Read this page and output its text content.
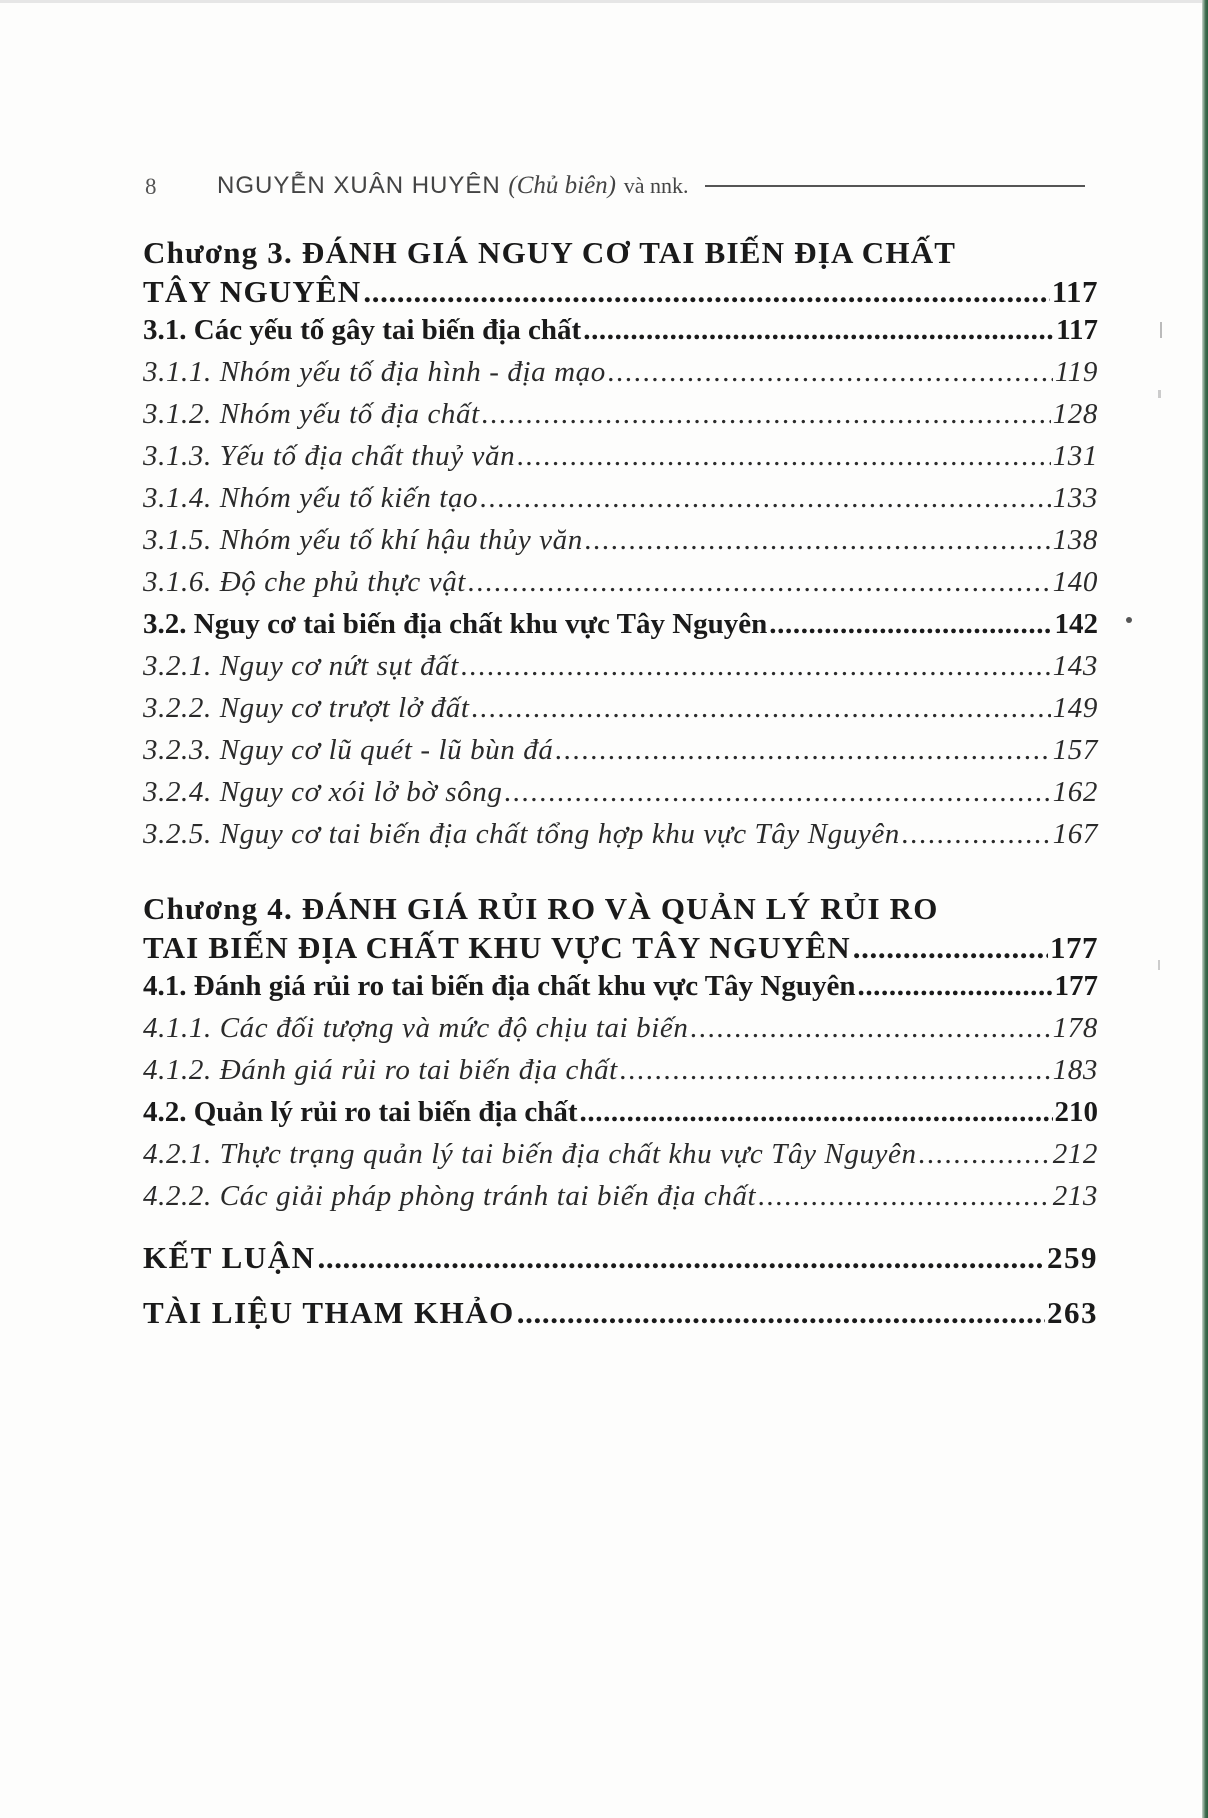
8	NGUYỄN XUÂN HUYÊN (Chủ biên) và nnk.
Chương 3. ĐÁNH GIÁ NGUY CƠ TAI BIẾN ĐỊA CHẤT
TÂY NGUYÊN .....	117
3.1. Các yếu tố gây tai biến địa chất .....	117
3.1.1. Nhóm yếu tố địa hình - địa mạo .....	119
3.1.2. Nhóm yếu tố địa chất .....	128
3.1.3. Yếu tố địa chất thuỷ văn .....	131
3.1.4. Nhóm yếu tố kiến tạo .....	133
3.1.5. Nhóm yếu tố khí hậu thủy văn .....	138
3.1.6. Độ che phủ thực vật .....	140
3.2. Nguy cơ tai biến địa chất khu vực Tây Nguyên .....	142
3.2.1. Nguy cơ nứt sụt đất .....	143
3.2.2. Nguy cơ trượt lở đất .....	149
3.2.3. Nguy cơ lũ quét - lũ bùn đá .....	157
3.2.4. Nguy cơ xói lở bờ sông .....	162
3.2.5. Nguy cơ tai biến địa chất tổng hợp khu vực Tây Nguyên .....	167
Chương 4. ĐÁNH GIÁ RỦI RO VÀ QUẢN LÝ RỦI RO
TAI BIẾN ĐỊA CHẤT KHU VỰC TÂY NGUYÊN .....	177
4.1. Đánh giá rủi ro tai biến địa chất khu vực Tây Nguyên .....	177
4.1.1. Các đối tượng và mức độ chịu tai biến .....	178
4.1.2. Đánh giá rủi ro tai biến địa chất .....	183
4.2. Quản lý rủi ro tai biến địa chất .....	210
4.2.1. Thực trạng quản lý tai biến địa chất khu vực Tây Nguyên .....	212
4.2.2. Các giải pháp phòng tránh tai biến địa chất .....	213
KẾT LUẬN .....	259
TÀI LIỆU THAM KHẢO .....	263
